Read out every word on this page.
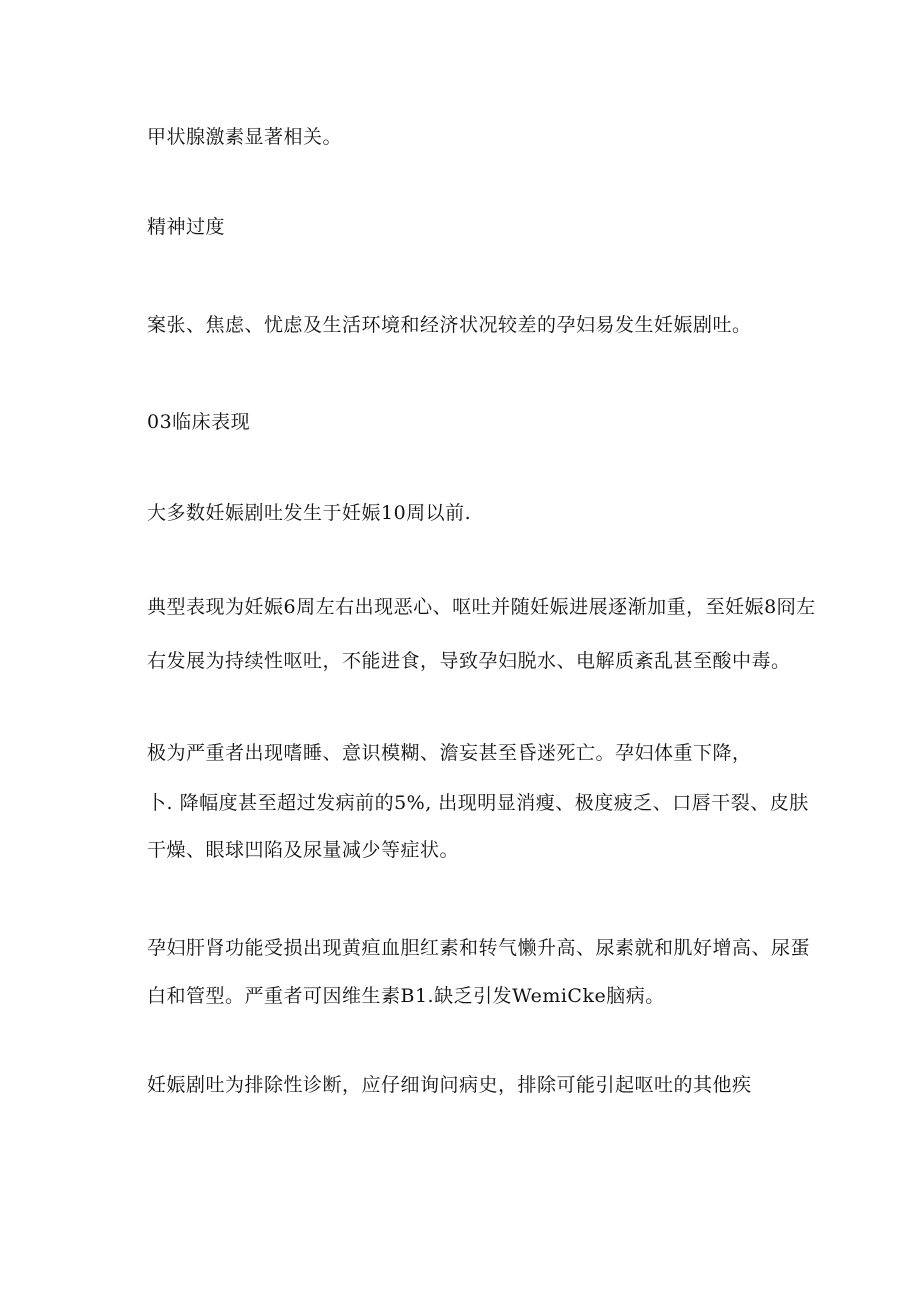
甲状腺激素显著相关。
精神过度
案张、焦虑、忧虑及生活环境和经济状况较差的孕妇易发生妊娠剧吐。
03临床表现
大多数妊娠剧吐发生于妊娠10周以前.
典型表现为妊娠6周左右出现恶心、呕吐并随妊娠进展逐渐加重，至妊娠8冏左
右发展为持续性呕吐，不能进食，导致孕妇脱水、电解质紊乱甚至酸中毒。
极为严重者出现嗜睡、意识模糊、澹妄甚至昏迷死亡。孕妇体重下降，
卜. 降幅度甚至超过发病前的5%, 出现明显消瘦、极度疲乏、口唇干裂、皮肤
干燥、眼球凹陷及尿量减少等症状。
孕妇肝肾功能受损出现黄疸血胆红素和转气懒升高、尿素就和肌好增高、尿蛋
白和管型。严重者可因维生素B1.缺乏引发WemiCke脑病。
妊娠剧吐为排除性诊断，应仔细询问病史，排除可能引起呕吐的其他疾
